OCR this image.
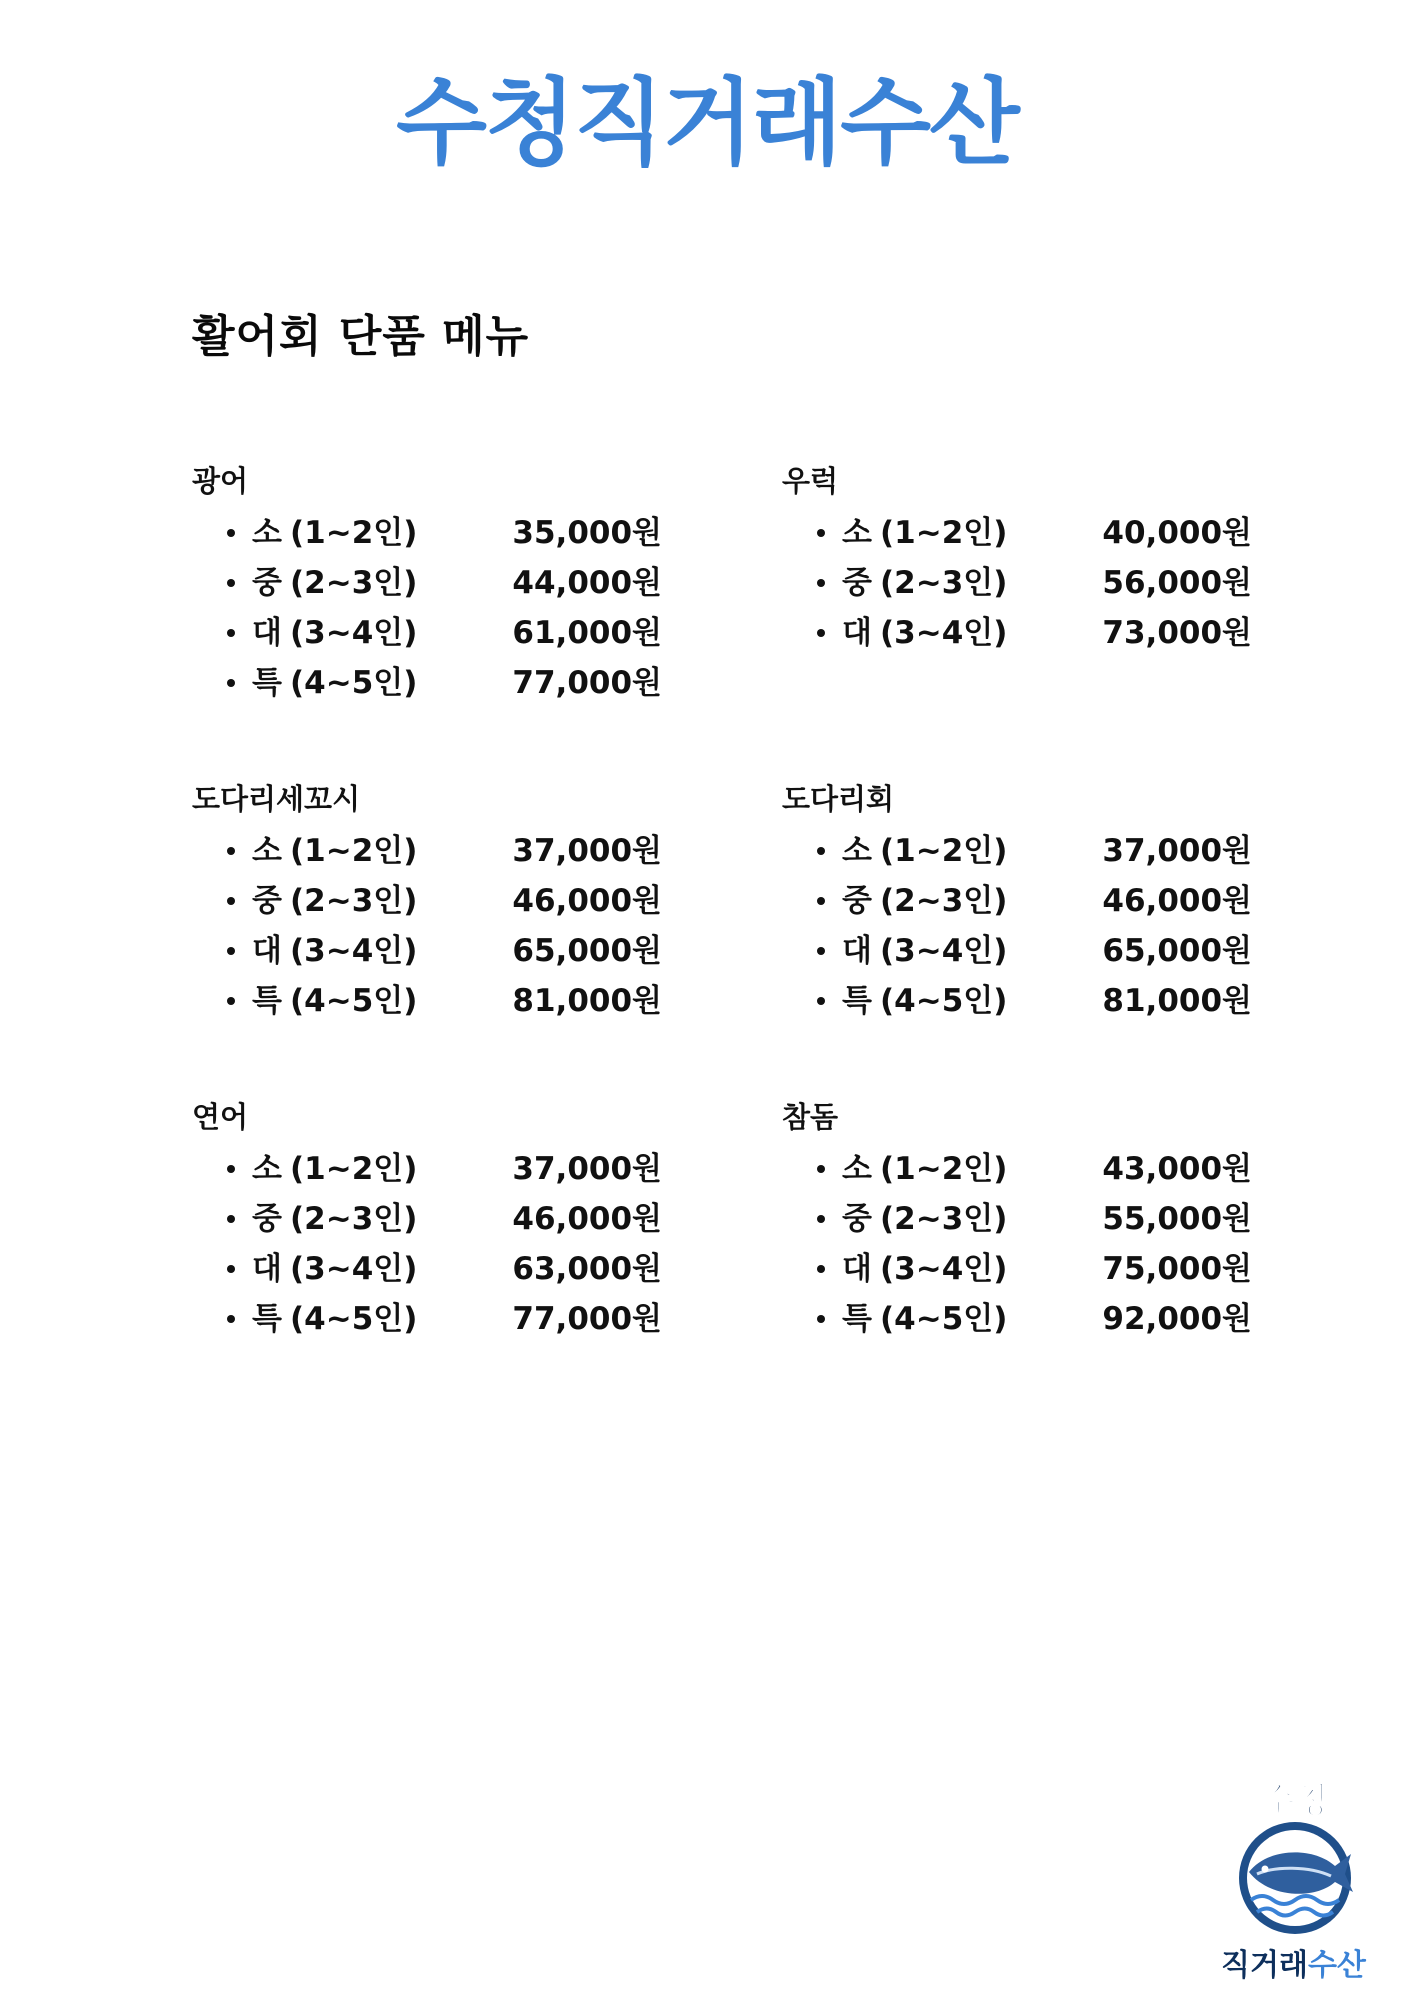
수청직거래수산
활어회 단품 메뉴
광어
소 (1~2인)	35,000원
중 (2~3인)	44,000원
대 (3~4인)	61,000원
특 (4~5인)	77,000원
우럭
소 (1~2인)	40,000원
중 (2~3인)	56,000원
대 (3~4인)	73,000원
도다리세꼬시
소 (1~2인)	37,000원
중 (2~3인)	46,000원
대 (3~4인)	65,000원
특 (4~5인)	81,000원
도다리회
소 (1~2인)	37,000원
중 (2~3인)	46,000원
대 (3~4인)	65,000원
특 (4~5인)	81,000원
연어
소 (1~2인)	37,000원
중 (2~3인)	46,000원
대 (3~4인)	63,000원
특 (4~5인)	77,000원
참돔
소 (1~2인)	43,000원
중 (2~3인)	55,000원
대 (3~4인)	75,000원
특 (4~5인)	92,000원
수청
직거래수산
